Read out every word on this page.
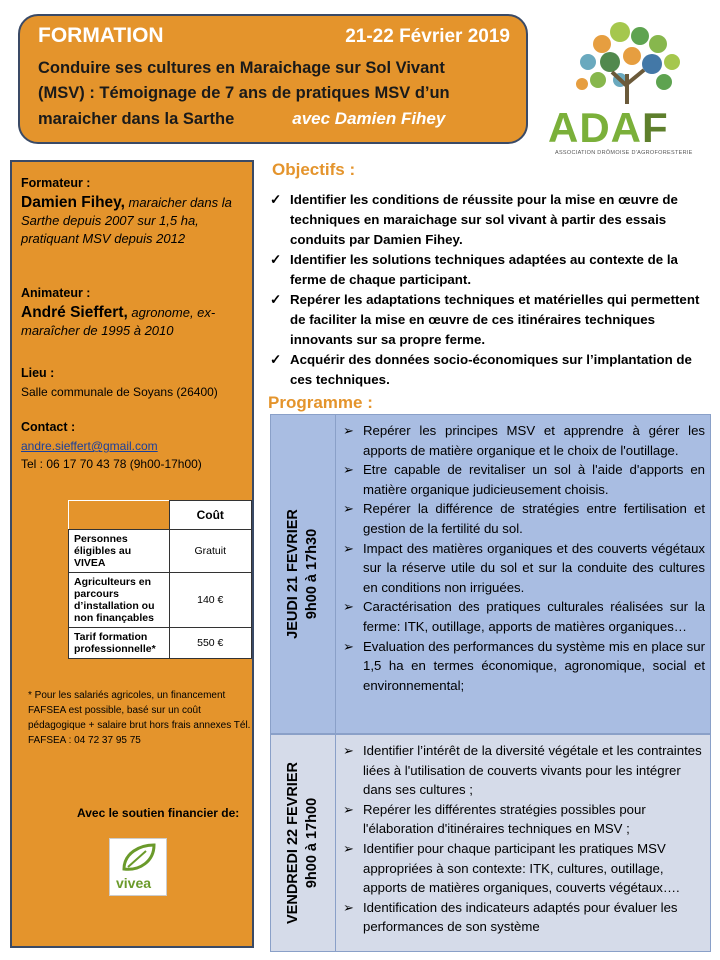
FORMATION	21-22 Février 2019
Conduire ses cultures en Maraichage sur Sol Vivant
(MSV) : Témoignage de 7 ans de pratiques MSV d’un
maraicher dans la Sarthe	avec Damien Fihey	ADAF
ASSOCIATION DRÔMOISE D'AGROFORESTERIE
Formateur :
Damien Fihey, maraicher dans la Sarthe depuis 2007 sur 1,5 ha, pratiquant MSV depuis 2012
Animateur :
André Sieffert, agronome, ex-maraîcher de 1995 à 2010
Lieu :
Salle communale de Soyans (26400)
Contact :
andre.sieffert@gmail.com
Tel : 06 17 70 43 78 (9h00-17h00)
	Coût
Personnes éligibles au VIVEA	Gratuit
Agriculteurs en parcours d’installation ou non finançables	140 €
Tarif formation professionnelle*	550 €
* Pour les salariés agricoles, un financement FAFSEA est possible, basé sur un coût pédagogique + salaire brut hors frais annexes Tél. FAFSEA : 04 72 37 95 75
Avec le soutien financier de:
vivea
Objectifs :
✓ Identifier les conditions de réussite pour la mise en œuvre de techniques en maraichage sur sol vivant à partir des essais conduits par Damien Fihey.
✓ Identifier les solutions techniques adaptées au contexte de la ferme de chaque participant.
✓ Repérer les adaptations techniques et matérielles qui permettent de faciliter la mise en œuvre de ces itinéraires techniques innovants sur sa propre ferme.
✓ Acquérir des données socio-économiques sur l’implantation de ces techniques.
Programme :
JEUDI 21 FEVRIER 9h00 à 17h30
➢ Repérer les principes MSV et apprendre à gérer les apports de matière organique et le choix de l'outillage.
➢ Etre capable de revitaliser un sol à l'aide d'apports en matière organique judicieusement choisis.
➢ Repérer la différence de stratégies entre fertilisation et gestion de la fertilité du sol.
➢ Impact des matières organiques et des couverts végétaux sur la réserve utile du sol et sur la conduite des cultures en conditions non irriguées.
➢ Caractérisation des pratiques culturales réalisées sur la ferme: ITK, outillage, apports de matières organiques…
➢ Evaluation des performances du système mis en place sur 1,5 ha en termes économique, agronomique, social et environnemental;
VENDREDI 22 FEVRIER 9h00 à 17h00
➢ Identifier l’intérêt de la diversité végétale et les contraintes liées à l'utilisation de couverts vivants pour les intégrer dans ses cultures ;
➢ Repérer les différentes stratégies possibles pour l'élaboration d'itinéraires techniques en MSV ;
➢ Identifier pour chaque participant les pratiques MSV appropriées à son contexte: ITK, cultures, outillage, apports de matières organiques, couverts végétaux….
➢ Identification des indicateurs adaptés pour évaluer les performances de son système
